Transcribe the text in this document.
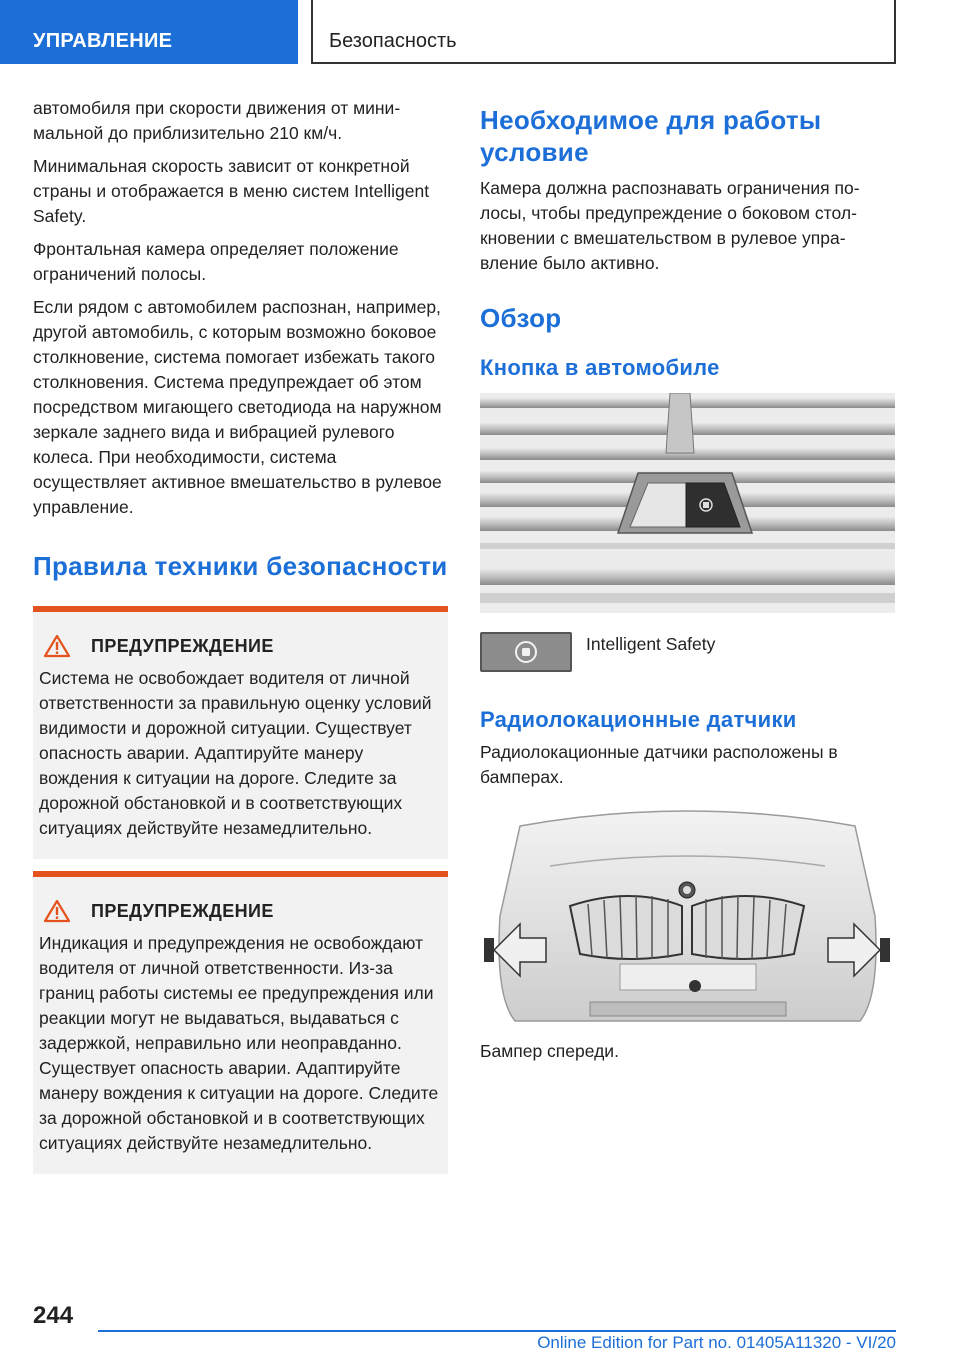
УПРАВЛЕНИЕ	Безопасность

автомобиля при скорости движения от минимальной до приблизительно 210 км/ч.

Минимальная скорость зависит от конкретной страны и отображается в меню систем Intelligent Safety.

Фронтальная камера определяет положение ограничений полосы.

Если рядом с автомобилем распознан, например, другой автомобиль, с которым возможно боковое столкновение, система помогает избежать такого столкновения. Система предупреждает об этом посредством мигающего светодиода на наружном зеркале заднего вида и вибрацией рулевого колеса. При необходимости, система осуществляет активное вмешательство в рулевое управление.

Правила техники безопасности
ПРЕДУПРЕЖДЕНИЕ
Система не освобождает водителя от личной ответственности за правильную оценку условий видимости и дорожной ситуации. Существует опасность аварии. Адаптируйте манеру вождения к ситуации на дороге. Следите за дорожной обстановкой и в соответствующих ситуациях действуйте незамедлительно.
ПРЕДУПРЕЖДЕНИЕ
Индикация и предупреждения не освобождают водителя от личной ответственности. Из-за границ работы системы ее предупреждения или реакции могут не выдаваться, выдаваться с задержкой, неправильно или неоправданно. Существует опасность аварии. Адаптируйте манеру вождения к ситуации на дороге. Следите за дорожной обстановкой и в соответствующих ситуациях действуйте незамедлительно.
Необходимое для работы условие

Камера должна распознавать ограничения полосы, чтобы предупреждение о боковом столкновении с вмешательством в рулевое управление было активно.

Обзор
Кнопка в автомобиле
Intelligent Safety
Радиолокационные датчики

Радиолокационные датчики расположены в бамперах.

Бампер спереди.

244
Online Edition for Part no. 01405A11320 - VI/20
